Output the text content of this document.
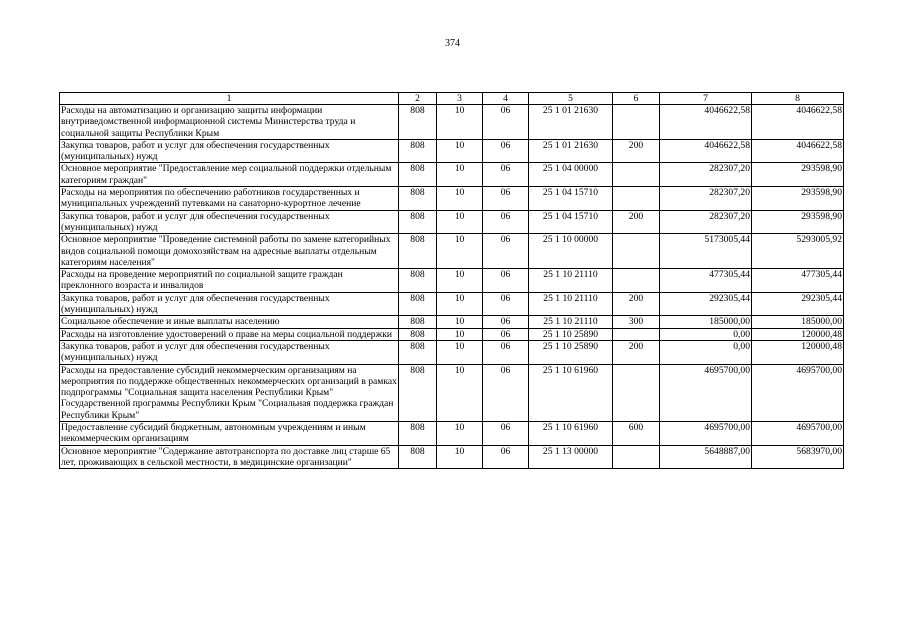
374
1	2	3	4	5	6	7	8
Расходы на автоматизацию и организацию защиты информации внутриведомственной информационной системы Министерства труда и социальной защиты Республики Крым	808	10	06	25 1 01 21630		4046622,58	4046622,58
Закупка товаров, работ и услуг для обеспечения государственных (муниципальных) нужд	808	10	06	25 1 01 21630	200	4046622,58	4046622,58
Основное мероприятие "Предоставление мер социальной поддержки отдельным категориям граждан"	808	10	06	25 1 04 00000		282307,20	293598,90
Расходы на мероприятия по обеспечению работников государственных и муниципальных учреждений путевками на санаторно-курортное лечение	808	10	06	25 1 04 15710		282307,20	293598,90
Закупка товаров, работ и услуг для обеспечения государственных (муниципальных) нужд	808	10	06	25 1 04 15710	200	282307,20	293598,90
Основное мероприятие "Проведение системной работы по замене категорийных видов социальной помощи домохозяйствам на адресные выплаты отдельным категориям населения"	808	10	06	25 1 10 00000		5173005,44	5293005,92
Расходы на проведение мероприятий по социальной защите граждан преклонного возраста и инвалидов	808	10	06	25 1 10 21110		477305,44	477305,44
Закупка товаров, работ и услуг для обеспечения государственных (муниципальных) нужд	808	10	06	25 1 10 21110	200	292305,44	292305,44
Социальное обеспечение и иные выплаты населению	808	10	06	25 1 10 21110	300	185000,00	185000,00
Расходы на изготовление удостоверений о праве на меры социальной поддержки	808	10	06	25 1 10 25890		0,00	120000,48
Закупка товаров, работ и услуг для обеспечения государственных (муниципальных) нужд	808	10	06	25 1 10 25890	200	0,00	120000,48
Расходы на предоставление субсидий некоммерческим организациям на мероприятия по поддержке общественных некоммерческих организаций в рамках подпрограммы "Социальная защита населения Республики Крым" Государственной программы Республики Крым "Социальная поддержка граждан Республики Крым"	808	10	06	25 1 10 61960		4695700,00	4695700,00
Предоставление субсидий бюджетным, автономным учреждениям и иным некоммерческим организациям	808	10	06	25 1 10 61960	600	4695700,00	4695700,00
Основное мероприятие "Содержание автотранспорта по доставке лиц старше 65 лет, проживающих в сельской местности, в медицинские организации"	808	10	06	25 1 13 00000		5648887,00	5683970,00
